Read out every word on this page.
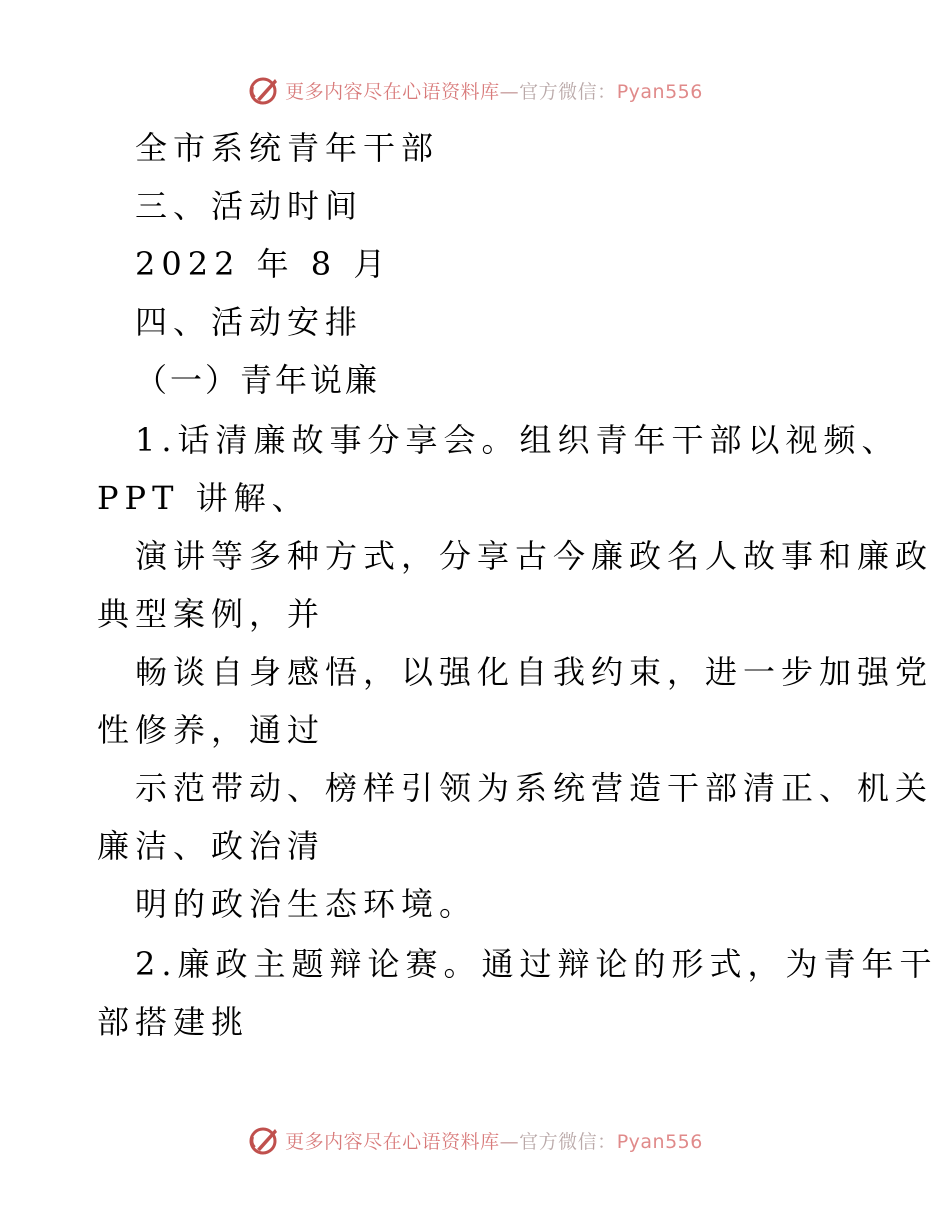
更多内容尽在心语资料库—官方微信：Pyan556
全市系统青年干部
三、活动时间
2022 年 8 月
四、活动安排
（一）青年说廉
1.话清廉故事分享会。组织青年干部以视频、
PPT 讲解、
演讲等多种方式，分享古今廉政名人故事和廉政
典型案例，并
畅谈自身感悟，以强化自我约束，进一步加强党
性修养，通过
示范带动、榜样引领为系统营造干部清正、机关
廉洁、政治清
明的政治生态环境。
2.廉政主题辩论赛。通过辩论的形式，为青年干
部搭建挑
更多内容尽在心语资料库—官方微信：Pyan556
